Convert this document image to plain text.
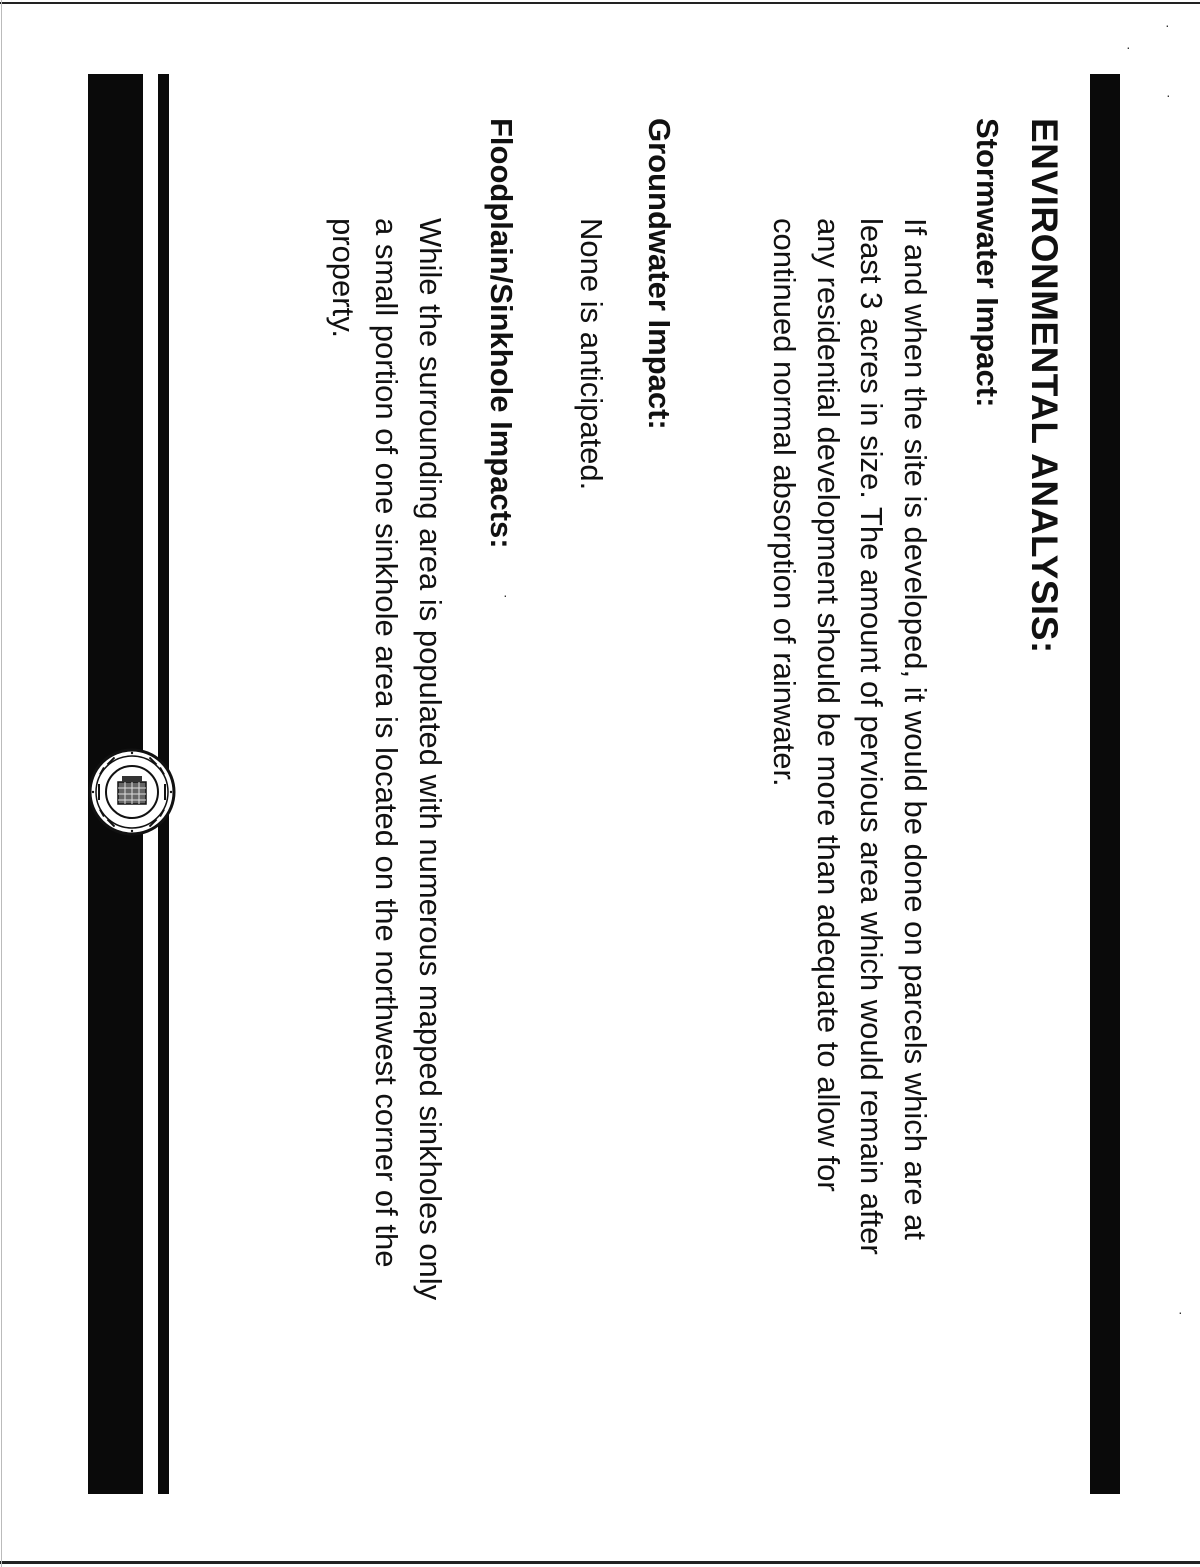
ENVIRONMENTAL ANALYSIS:
Stormwater Impact:

If and when the site is developed, it would be done on parcels which are at
least 3 acres in size. The amount of pervious area which would remain after
any residential development should be more than adequate to allow for
continued normal absorption of rainwater.

Groundwater Impact:

None is anticipated.

Floodplain/Sinkhole Impacts:

While the surrounding area is populated with numerous mapped sinkholes only
a small portion of one sinkhole area is located on the northwest corner of the
property.

·
·
·
·
·
